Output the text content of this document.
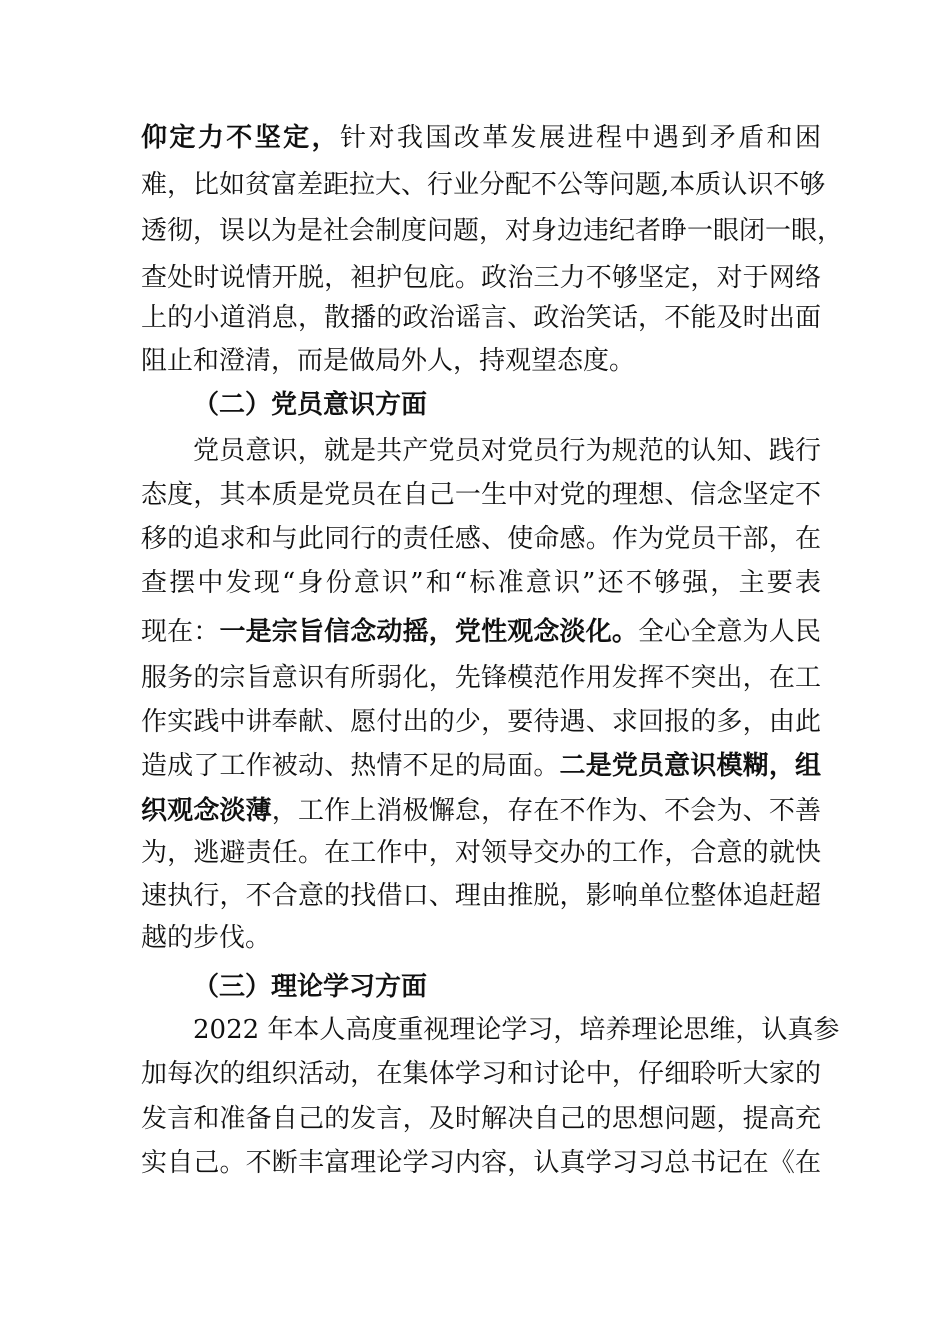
仰定力不坚定，针对我国改革发展进程中遇到矛盾和困
难，比如贫富差距拉大、行业分配不公等问题,本质认识不够
透彻，误以为是社会制度问题，对身边违纪者睁一眼闭一眼，
查处时说情开脱，袒护包庇。政治三力不够坚定，对于网络
上的小道消息，散播的政治谣言、政治笑话，不能及时出面
阻止和澄清，而是做局外人，持观望态度。
（二）党员意识方面
党员意识，就是共产党员对党员行为规范的认知、践行
态度，其本质是党员在自己一生中对党的理想、信念坚定不
移的追求和与此同行的责任感、使命感。作为党员干部，在
查摆中发现“身份意识”和“标准意识”还不够强，主要表
现在：一是宗旨信念动摇，党性观念淡化。全心全意为人民
服务的宗旨意识有所弱化，先锋模范作用发挥不突出，在工
作实践中讲奉献、愿付出的少，要待遇、求回报的多，由此
造成了工作被动、热情不足的局面。二是党员意识模糊，组
织观念淡薄，工作上消极懈怠，存在不作为、不会为、不善
为，逃避责任。在工作中，对领导交办的工作，合意的就快
速执行，不合意的找借口、理由推脱，影响单位整体追赶超
越的步伐。
（三）理论学习方面
2022 年本人高度重视理论学习，培养理论思维，认真参
加每次的组织活动，在集体学习和讨论中，仔细聆听大家的
发言和准备自己的发言，及时解决自己的思想问题，提高充
实自己。不断丰富理论学习内容，认真学习习总书记在《在
